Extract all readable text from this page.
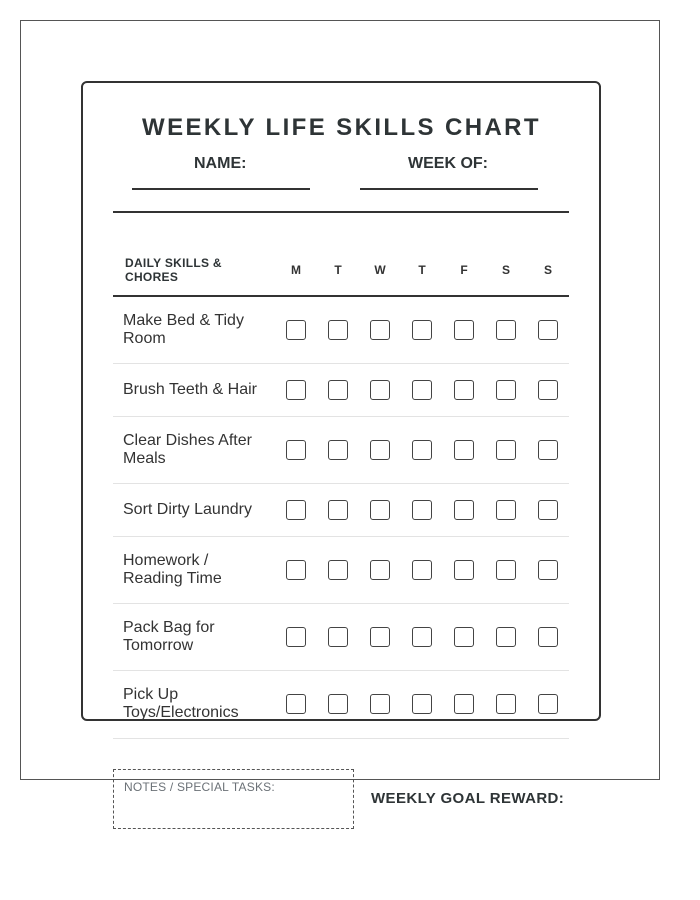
WEEKLY LIFE SKILLS CHART
NAME:	WEEK OF:
DAILY SKILLS & CHORES	M	T	W	T	F	S	S
Make Bed & Tidy Room
Brush Teeth & Hair
Clear Dishes After Meals
Sort Dirty Laundry
Homework / Reading Time
Pack Bag for Tomorrow
Pick Up Toys/Electronics
NOTES / SPECIAL TASKS:
WEEKLY GOAL REWARD:
